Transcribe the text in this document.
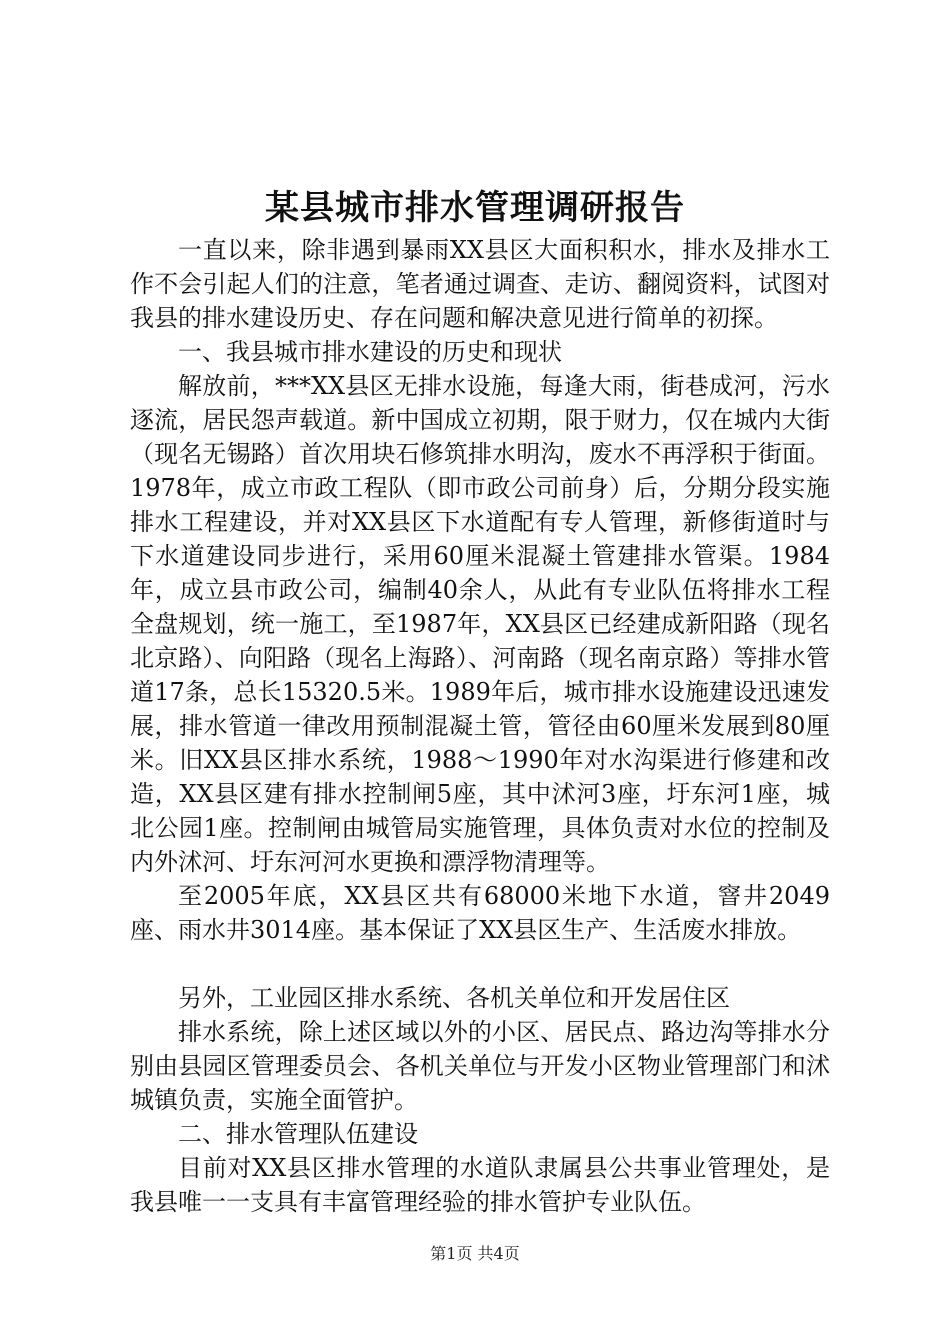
某县城市排水管理调研报告

一直以来，除非遇到暴雨XX县区大面积积水，排水及排水工作不会引起人们的注意，笔者通过调查、走访、翻阅资料，试图对我县的排水建设历史、存在问题和解决意见进行简单的初探。

一、我县城市排水建设的历史和现状

解放前，***XX县区无排水设施，每逢大雨，街巷成河，污水逐流，居民怨声载道。新中国成立初期，限于财力，仅在城内大街（现名无锡路）首次用块石修筑排水明沟，废水不再浮积于街面。1978年，成立市政工程队（即市政公司前身）后，分期分段实施排水工程建设，并对XX县区下水道配有专人管理，新修街道时与下水道建设同步进行，采用60厘米混凝土管建排水管渠。1984年，成立县市政公司，编制40余人，从此有专业队伍将排水工程全盘规划，统一施工，至1987年，XX县区已经建成新阳路（现名北京路）、向阳路（现名上海路）、河南路（现名南京路）等排水管道17条，总长15320.5米。1989年后，城市排水设施建设迅速发展，排水管道一律改用预制混凝土管，管径由60厘米发展到80厘米。旧XX县区排水系统，1988～1990年对水沟渠进行修建和改造，XX县区建有排水控制闸5座，其中沭河3座，圩东河1座，城北公园1座。控制闸由城管局实施管理，具体负责对水位的控制及内外沭河、圩东河河水更换和漂浮物清理等。

至2005年底，XX县区共有68000米地下水道，窨井2049座、雨水井3014座。基本保证了XX县区生产、生活废水排放。

另外，工业园区排水系统、各机关单位和开发居住区

排水系统，除上述区域以外的小区、居民点、路边沟等排水分别由县园区管理委员会、各机关单位与开发小区物业管理部门和沭城镇负责，实施全面管护。

二、排水管理队伍建设

目前对XX县区排水管理的水道队隶属县公共事业管理处，是我县唯一一支具有丰富管理经验的排水管护专业队伍。

第1页 共4页
